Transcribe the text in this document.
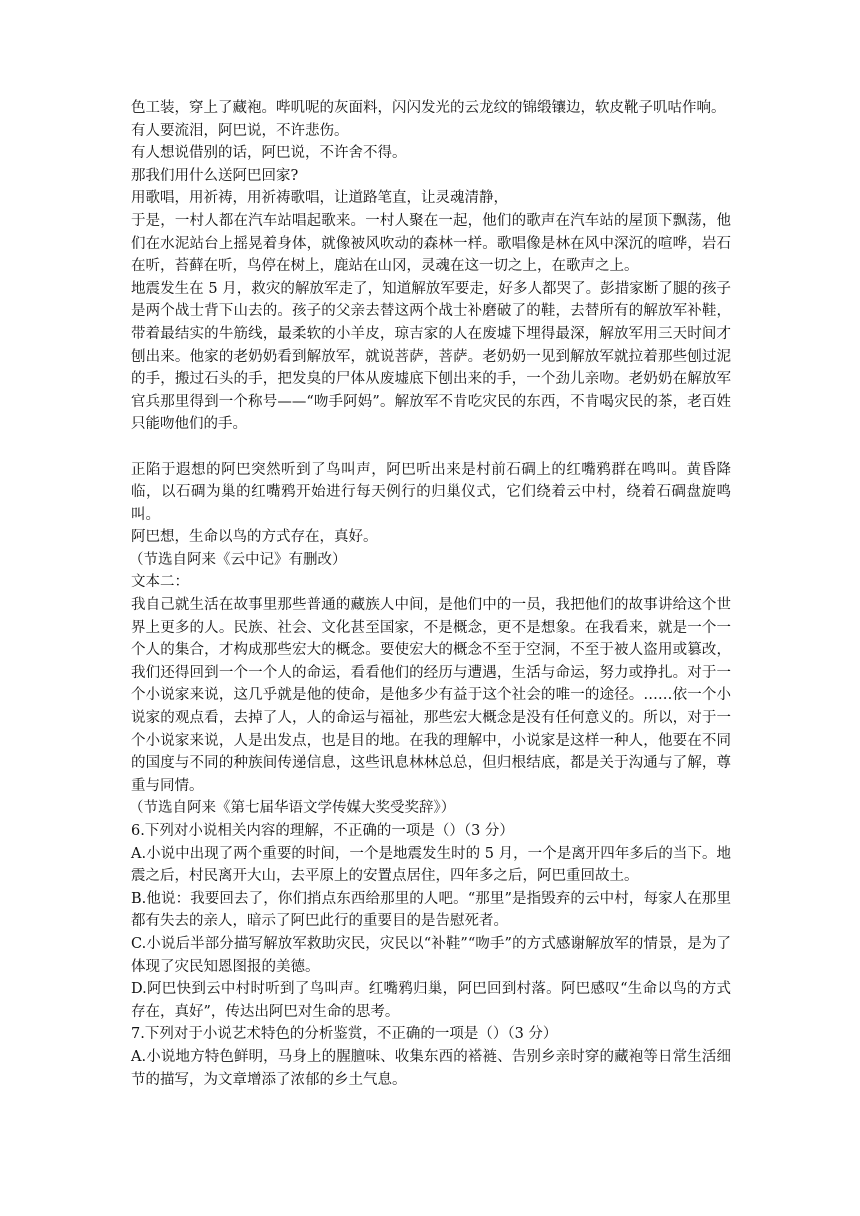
色工装，穿上了藏袍。哔叽呢的灰面料，闪闪发光的云龙纹的锦缎镶边，软皮靴子叽咕作响。

有人要流泪，阿巴说，不许悲伤。

有人想说借别的话，阿巴说，不许舍不得。

那我们用什么送阿巴回家?

用歌唱，用祈祷，用祈祷歌唱，让道路笔直，让灵魂清静，

于是，一村人都在汽车站唱起歌来。一村人聚在一起，他们的歌声在汽车站的屋顶下飘荡，他们在水泥站台上摇晃着身体，就像被风吹动的森林一样。歌唱像是林在风中深沉的喧哗，岩石在听，苔藓在听，鸟停在树上，鹿站在山冈，灵魂在这一切之上，在歌声之上。

地震发生在 5 月，救灾的解放军走了，知道解放军要走，好多人都哭了。彭措家断了腿的孩子是两个战士背下山去的。孩子的父亲去替这两个战士补磨破了的鞋，去替所有的解放军补鞋，带着最结实的牛筋线，最柔软的小羊皮，琼吉家的人在废墟下埋得最深，解放军用三天时间才刨出来。他家的老奶奶看到解放军，就说菩萨，菩萨。老奶奶一见到解放军就拉着那些刨过泥的手，搬过石头的手，把发臭的尸体从废墟底下刨出来的手，一个劲儿亲吻。老奶奶在解放军官兵那里得到一个称号——“吻手阿妈”。解放军不肯吃灾民的东西，不肯喝灾民的茶，老百姓只能吻他们的手。

正陷于遐想的阿巴突然听到了鸟叫声，阿巴听出来是村前石碉上的红嘴鸦群在鸣叫。黄昏降临，以石碉为巢的红嘴鸦开始进行每天例行的归巢仪式，它们绕着云中村，绕着石碉盘旋鸣叫。

阿巴想，生命以鸟的方式存在，真好。

（节选自阿来《云中记》有删改）

文本二：

我自己就生活在故事里那些普通的藏族人中间，是他们中的一员，我把他们的故事讲给这个世界上更多的人。民族、社会、文化甚至国家，不是概念，更不是想象。在我看来，就是一个一个人的集合，才构成那些宏大的概念。要使宏大的概念不至于空洞，不至于被人盗用或篡改，我们还得回到一个一个人的命运，看看他们的经历与遭遇，生活与命运，努力或挣扎。对于一个小说家来说，这几乎就是他的使命，是他多少有益于这个社会的唯一的途径。……依一个小说家的观点看，去掉了人，人的命运与福祉，那些宏大概念是没有任何意义的。所以，对于一个小说家来说，人是出发点，也是目的地。在我的理解中，小说家是这样一种人，他要在不同的国度与不同的种族间传递信息，这些讯息林林总总，但归根结底，都是关于沟通与了解，尊重与同情。

（节选自阿来《第七届华语文学传媒大奖受奖辞》）

6.下列对小说相关内容的理解，不正确的一项是（）（3 分）

A.小说中出现了两个重要的时间，一个是地震发生时的 5 月，一个是离开四年多后的当下。地震之后，村民离开大山，去平原上的安置点居住，四年多之后，阿巴重回故土。

B.他说：我要回去了，你们捎点东西给那里的人吧。“那里”是指毁弃的云中村，每家人在那里都有失去的亲人，暗示了阿巴此行的重要目的是告慰死者。

C.小说后半部分描写解放军救助灾民，灾民以“补鞋”“吻手”的方式感谢解放军的情景，是为了体现了灾民知恩图报的美德。

D.阿巴快到云中村时听到了鸟叫声。红嘴鸦归巢，阿巴回到村落。阿巴感叹“生命以鸟的方式存在，真好”，传达出阿巴对生命的思考。

7.下列对于小说艺术特色的分析鉴赏，不正确的一项是（）（3 分）

A.小说地方特色鲜明，马身上的腥膻味、收集东西的褡裢、告别乡亲时穿的藏袍等日常生活细节的描写，为文章增添了浓郁的乡土气息。
